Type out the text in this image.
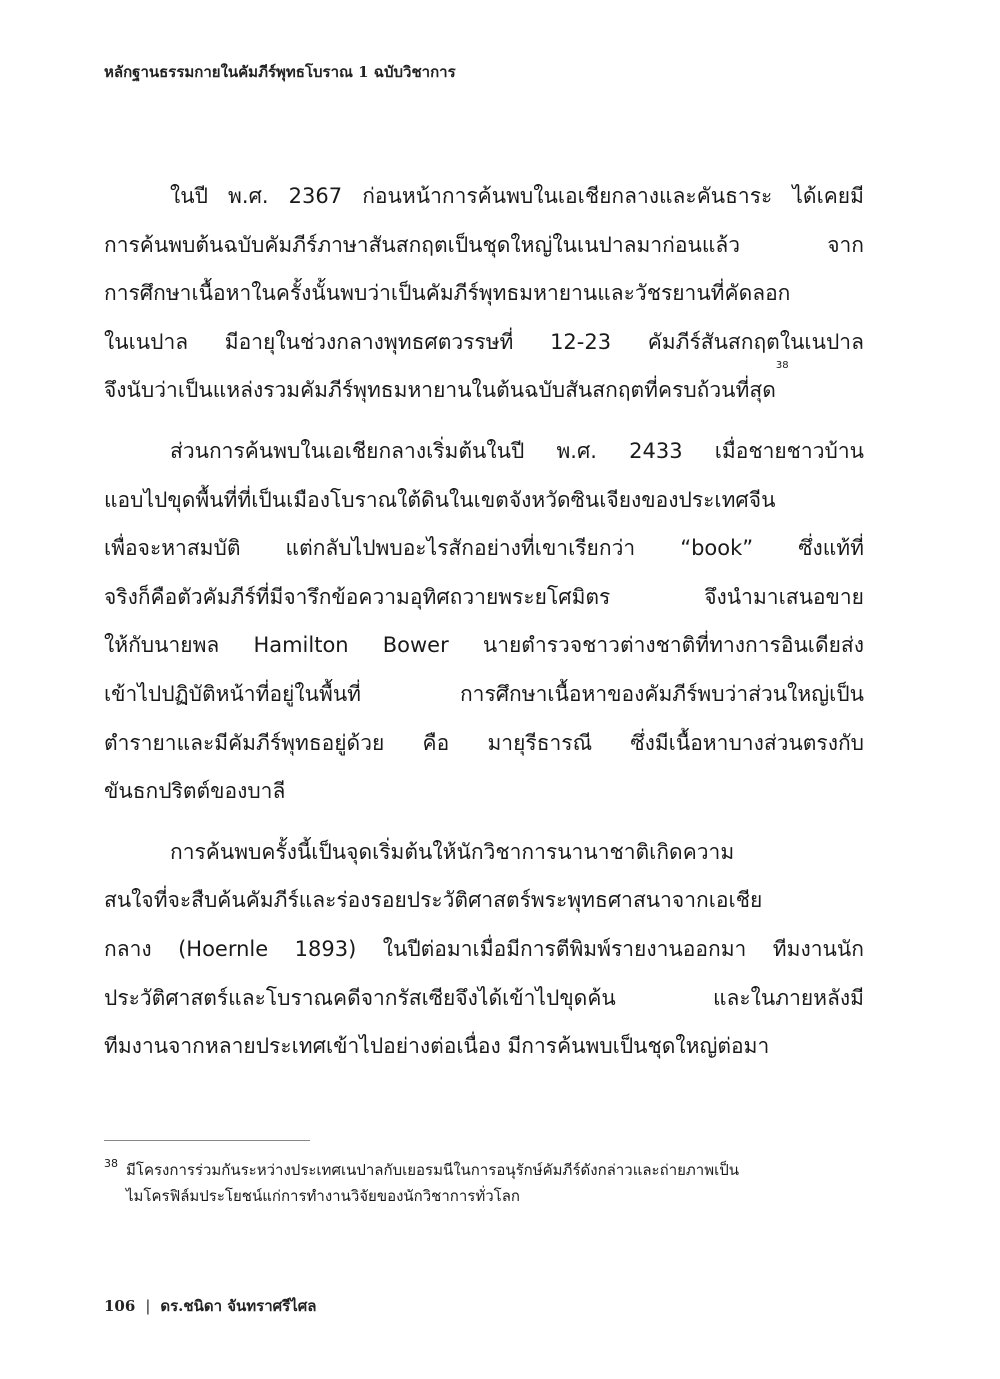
หลักฐานธรรมกายในคัมภีร์พุทธโบราณ 1 ฉบับวิชาการ
ในปี พ.ศ. 2367 ก่อนหน้าการค้นพบในเอเชียกลางและคันธาระ ได้เคยมี
การค้นพบต้นฉบับคัมภีร์ภาษาสันสกฤตเป็นชุดใหญ่ในเนปาลมาก่อนแล้ว	จาก
การศึกษาเนื้อหาในครั้งนั้นพบว่าเป็นคัมภีร์พุทธมหายานและวัชรยานที่คัดลอก
ในเนปาล มีอายุในช่วงกลางพุทธศตวรรษที่ 12-23 คัมภีร์สันสกฤตในเนปาล
จึงนับว่าเป็นแหล่งรวมคัมภีร์พุทธมหายานในต้นฉบับสันสกฤตที่ครบถ้วนที่สุด
38
ส่วนการค้นพบในเอเชียกลางเริ่มต้นในปี พ.ศ. 2433 เมื่อชายชาวบ้าน
แอบไปขุดพื้นที่ที่เป็นเมืองโบราณใต้ดินในเขตจังหวัดซินเจียงของประเทศจีน
เพื่อจะหาสมบัติ แต่กลับไปพบอะไรสักอย่างที่เขาเรียกว่า “book” ซึ่งแท้ที่
จริงก็คือตัวคัมภีร์ที่มีจารึกข้อความอุทิศถวายพระยโศมิตร	จึงนำมาเสนอขาย
ให้กับนายพล Hamilton Bower นายตำรวจชาวต่างชาติที่ทางการอินเดียส่ง
เข้าไปปฏิบัติหน้าที่อยู่ในพื้นที่	การศึกษาเนื้อหาของคัมภีร์พบว่าส่วนใหญ่เป็น
ตำรายาและมีคัมภีร์พุทธอยู่ด้วย คือ มายุรีธารณี ซึ่งมีเนื้อหาบางส่วนตรงกับ
ขันธกปริตต์ของบาลี
การค้นพบครั้งนี้เป็นจุดเริ่มต้นให้นักวิชาการนานาชาติเกิดความ
สนใจที่จะสืบค้นคัมภีร์และร่องรอยประวัติศาสตร์พระพุทธศาสนาจากเอเชีย
กลาง (Hoernle 1893) ในปีต่อมาเมื่อมีการตีพิมพ์รายงานออกมา ทีมงานนัก
ประวัติศาสตร์และโบราณคดีจากรัสเซียจึงได้เข้าไปขุดค้น	และในภายหลังมี
ทีมงานจากหลายประเทศเข้าไปอย่างต่อเนื่อง มีการค้นพบเป็นชุดใหญ่ต่อมา
38 มีโครงการร่วมกันระหว่างประเทศเนปาลกับเยอรมนีในการอนุรักษ์คัมภีร์ดังกล่าวและถ่ายภาพเป็น
ไมโครฟิล์มประโยชน์แก่การทำงานวิจัยของนักวิชาการทั่วโลก
106 | ดร.ชนิดา จันทราศรีไศล
